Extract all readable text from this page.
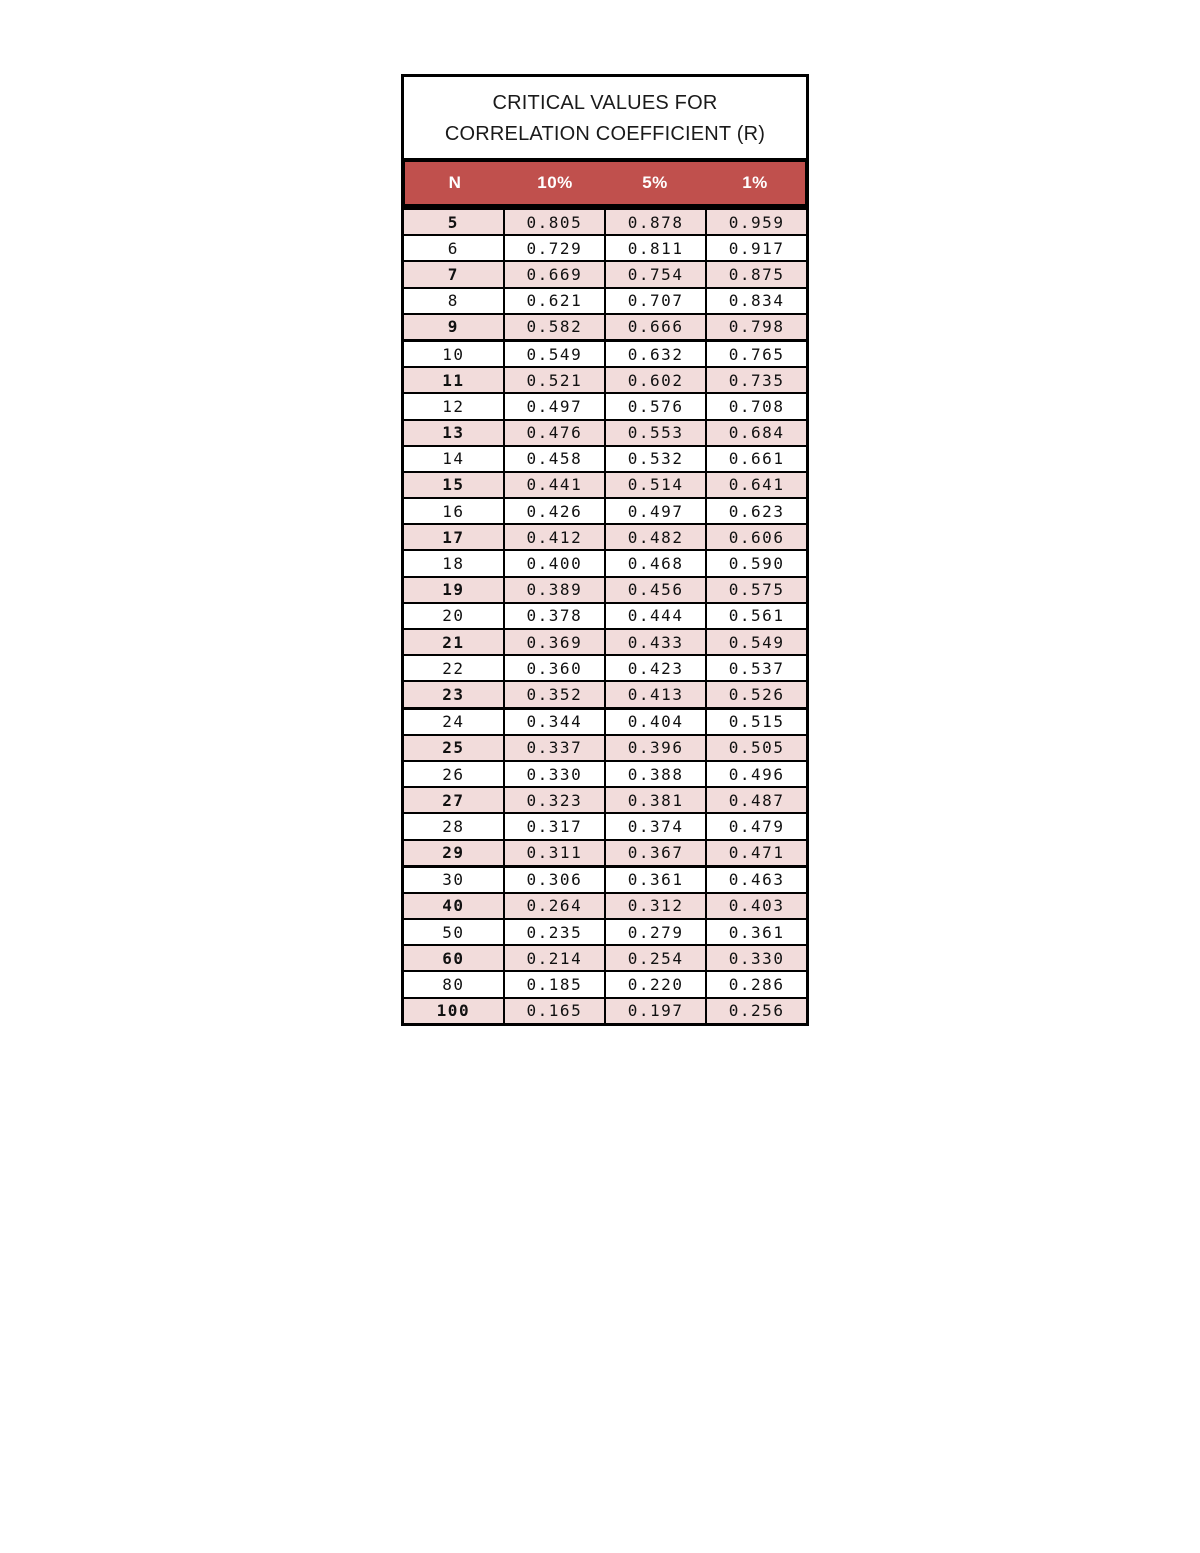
CRITICAL VALUES FOR
CORRELATION COEFFICIENT (R)
N	10%	5%	1%
5	0.805	0.878	0.959
6	0.729	0.811	0.917
7	0.669	0.754	0.875
8	0.621	0.707	0.834
9	0.582	0.666	0.798
10	0.549	0.632	0.765
11	0.521	0.602	0.735
12	0.497	0.576	0.708
13	0.476	0.553	0.684
14	0.458	0.532	0.661
15	0.441	0.514	0.641
16	0.426	0.497	0.623
17	0.412	0.482	0.606
18	0.400	0.468	0.590
19	0.389	0.456	0.575
20	0.378	0.444	0.561
21	0.369	0.433	0.549
22	0.360	0.423	0.537
23	0.352	0.413	0.526
24	0.344	0.404	0.515
25	0.337	0.396	0.505
26	0.330	0.388	0.496
27	0.323	0.381	0.487
28	0.317	0.374	0.479
29	0.311	0.367	0.471
30	0.306	0.361	0.463
40	0.264	0.312	0.403
50	0.235	0.279	0.361
60	0.214	0.254	0.330
80	0.185	0.220	0.286
100	0.165	0.197	0.256
